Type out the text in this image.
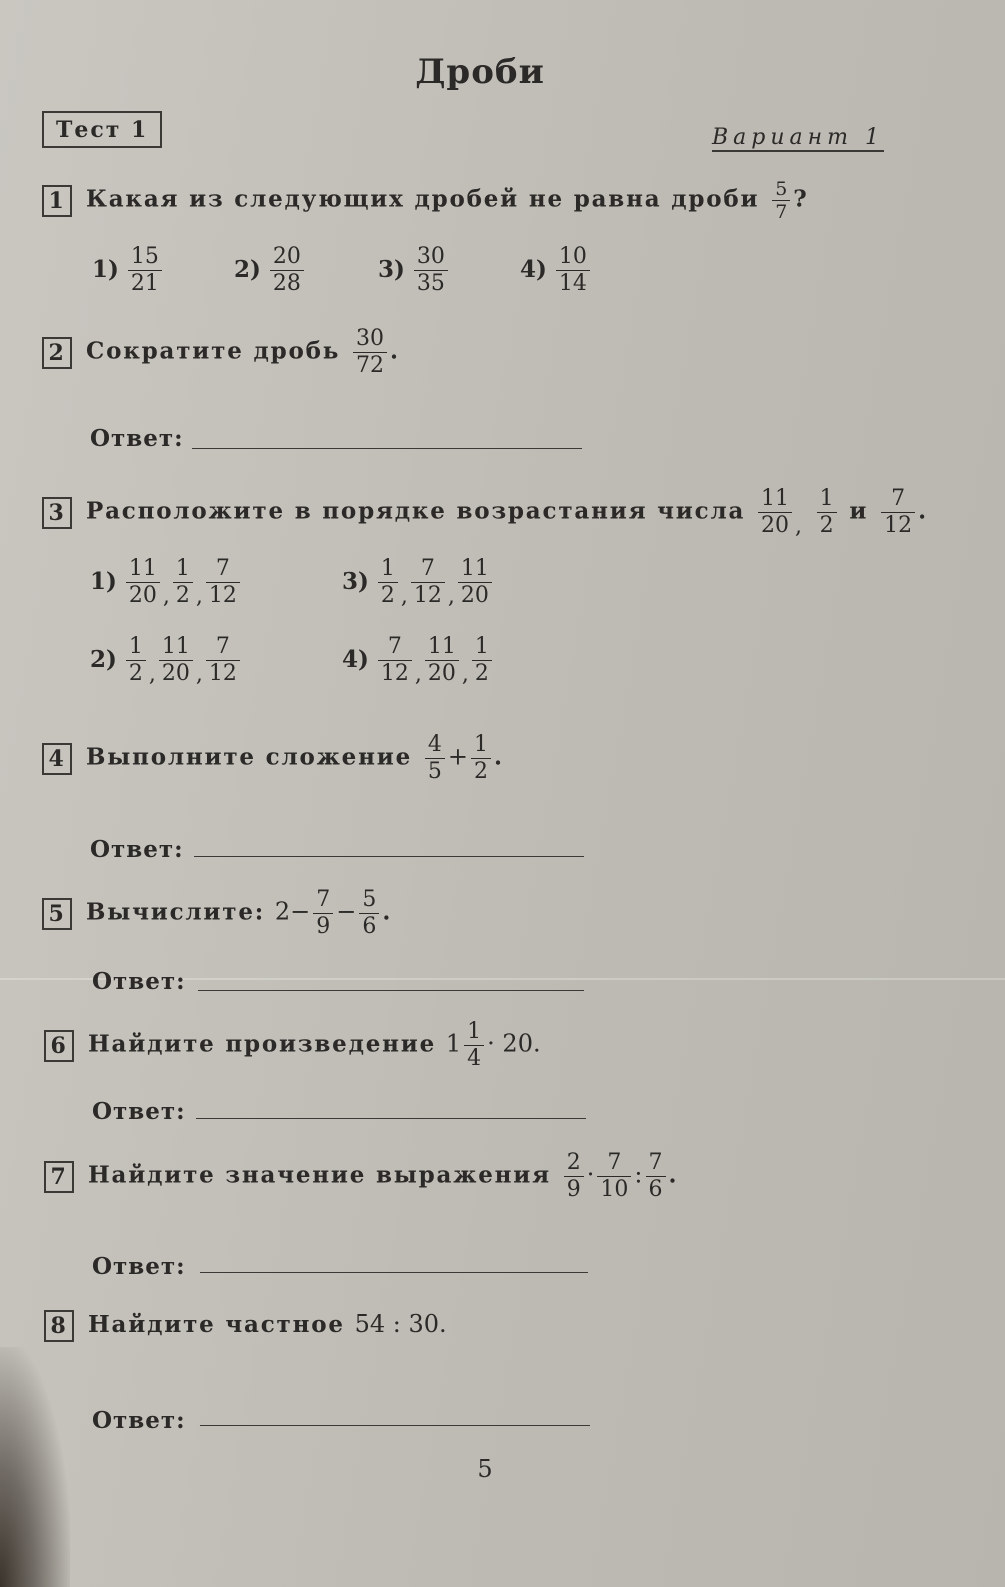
Дроби
Тест 1	Вариант 1
1 Какая из следующих дробей не равна дроби $\frac{5}{7}$ ?
$1) \frac{15}{21}$	$2) \frac{20}{28}$	$3) \frac{30}{35}$	$4) \frac{10}{14}$
2 Сократите дробь $\frac{30}{72}$ .
Ответ:
3 Расположите в порядке возрастания числа $\frac{11}{20}$ , $\frac{1}{2}$ и $\frac{7}{12}$ .
$1) \frac{11}{20}$ , $\frac{1}{2}$ , $\frac{7}{12}$	$3) \frac{1}{2}$ , $\frac{7}{12}$ , $\frac{11}{20}$
$2) \frac{1}{2}$ , $\frac{11}{20}$ , $\frac{7}{12}$	$4) \frac{7}{12}$ , $\frac{11}{20}$ , $\frac{1}{2}$
4 Выполните сложение $\frac{4}{5} + \frac{1}{2}$ .
Ответ:
5 Вычислите: $2- \frac{7}{9} - \frac{5}{6}$ .
Ответ:
6 Найдите произведение $1 \frac{1}{4} \cdot 20$.
Ответ:
7 Найдите значение выражения $\frac{2}{9} \cdot \frac{7}{10}$ : $\frac{7}{6}$ .
Ответ:
8 Найдите частное 54 : 30.
Ответ:
5
